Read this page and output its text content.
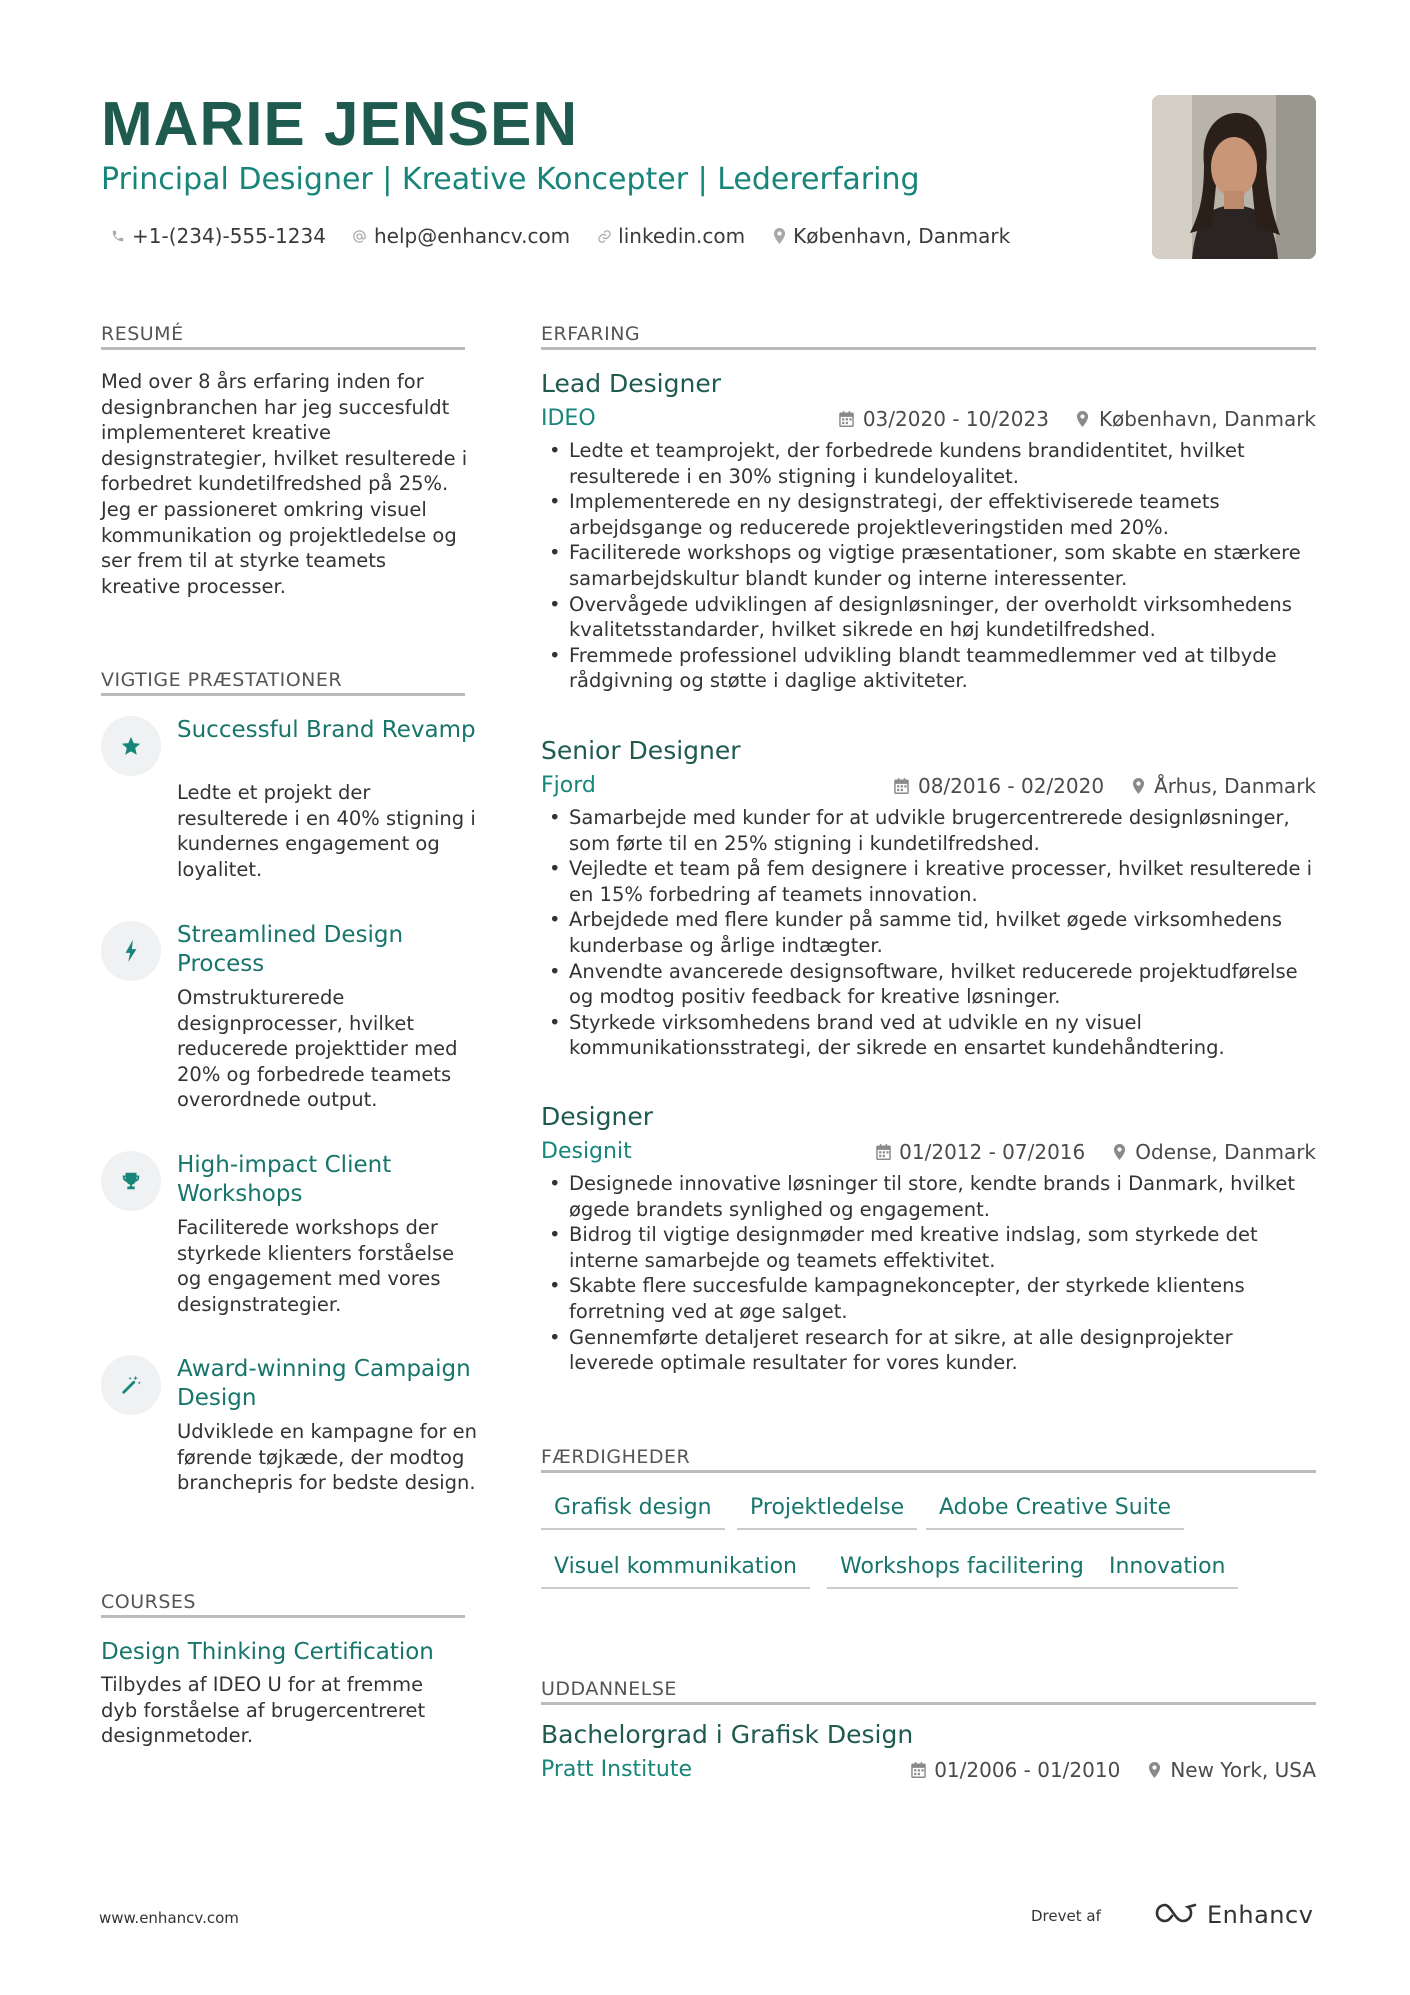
MARIE JENSEN
Principal Designer | Kreative Koncepter | Ledererfaring
+1-(234)-555-1234 help@enhancv.com linkedin.com København, Danmark
RESUMÉ
Med over 8 års erfaring inden for designbranchen har jeg succesfuldt implementeret kreative designstrategier, hvilket resulterede i forbedret kundetilfredshed på 25%. Jeg er passioneret omkring visuel kommunikation og projektledelse og ser frem til at styrke teamets kreative processer.
VIGTIGE PRÆSTATIONER
Successful Brand Revamp
Ledte et projekt der resulterede i en 40% stigning i kundernes engagement og loyalitet.
Streamlined Design Process
Omstrukturerede designprocesser, hvilket reducerede projekttider med 20% og forbedrede teamets overordnede output.
High-impact Client Workshops
Faciliterede workshops der styrkede klienters forståelse og engagement med vores designstrategier.
Award-winning Campaign Design
Udviklede en kampagne for en førende tøjkæde, der modtog branchepris for bedste design.
COURSES
Design Thinking Certification
Tilbydes af IDEO U for at fremme dyb forståelse af brugercentreret designmetoder.
ERFARING
Lead Designer
IDEO	03/2020 - 10/2023	København, Danmark
• Ledte et teamprojekt, der forbedrede kundens brandidentitet, hvilket resulterede i en 30% stigning i kundeloyalitet.
• Implementerede en ny designstrategi, der effektiviserede teamets arbejdsgange og reducerede projektleveringstiden med 20%.
• Faciliterede workshops og vigtige præsentationer, som skabte en stærkere samarbejdskultur blandt kunder og interne interessenter.
• Overvågede udviklingen af designløsninger, der overholdt virksomhedens kvalitetsstandarder, hvilket sikrede en høj kundetilfredshed.
• Fremmede professionel udvikling blandt teammedlemmer ved at tilbyde rådgivning og støtte i daglige aktiviteter.
Senior Designer
Fjord	08/2016 - 02/2020	Århus, Danmark
• Samarbejde med kunder for at udvikle brugercentrerede designløsninger, som førte til en 25% stigning i kundetilfredshed.
• Vejledte et team på fem designere i kreative processer, hvilket resulterede i en 15% forbedring af teamets innovation.
• Arbejdede med flere kunder på samme tid, hvilket øgede virksomhedens kunderbase og årlige indtægter.
• Anvendte avancerede designsoftware, hvilket reducerede projektudførelse og modtog positiv feedback for kreative løsninger.
• Styrkede virksomhedens brand ved at udvikle en ny visuel kommunikationsstrategi, der sikrede en ensartet kundehåndtering.
Designer
Designit	01/2012 - 07/2016	Odense, Danmark
• Designede innovative løsninger til store, kendte brands i Danmark, hvilket øgede brandets synlighed og engagement.
• Bidrog til vigtige designmøder med kreative indslag, som styrkede det interne samarbejde og teamets effektivitet.
• Skabte flere succesfulde kampagnekoncepter, der styrkede klientens forretning ved at øge salget.
• Gennemførte detaljeret research for at sikre, at alle designprojekter leverede optimale resultater for vores kunder.
FÆRDIGHEDER
Grafisk design	Projektledelse	Adobe Creative Suite
Visuel kommunikation	Workshops facilitering	Innovation
UDDANNELSE
Bachelorgrad i Grafisk Design
Pratt Institute	01/2006 - 01/2010	New York, USA
www.enhancv.com	Drevet af	Enhancv
